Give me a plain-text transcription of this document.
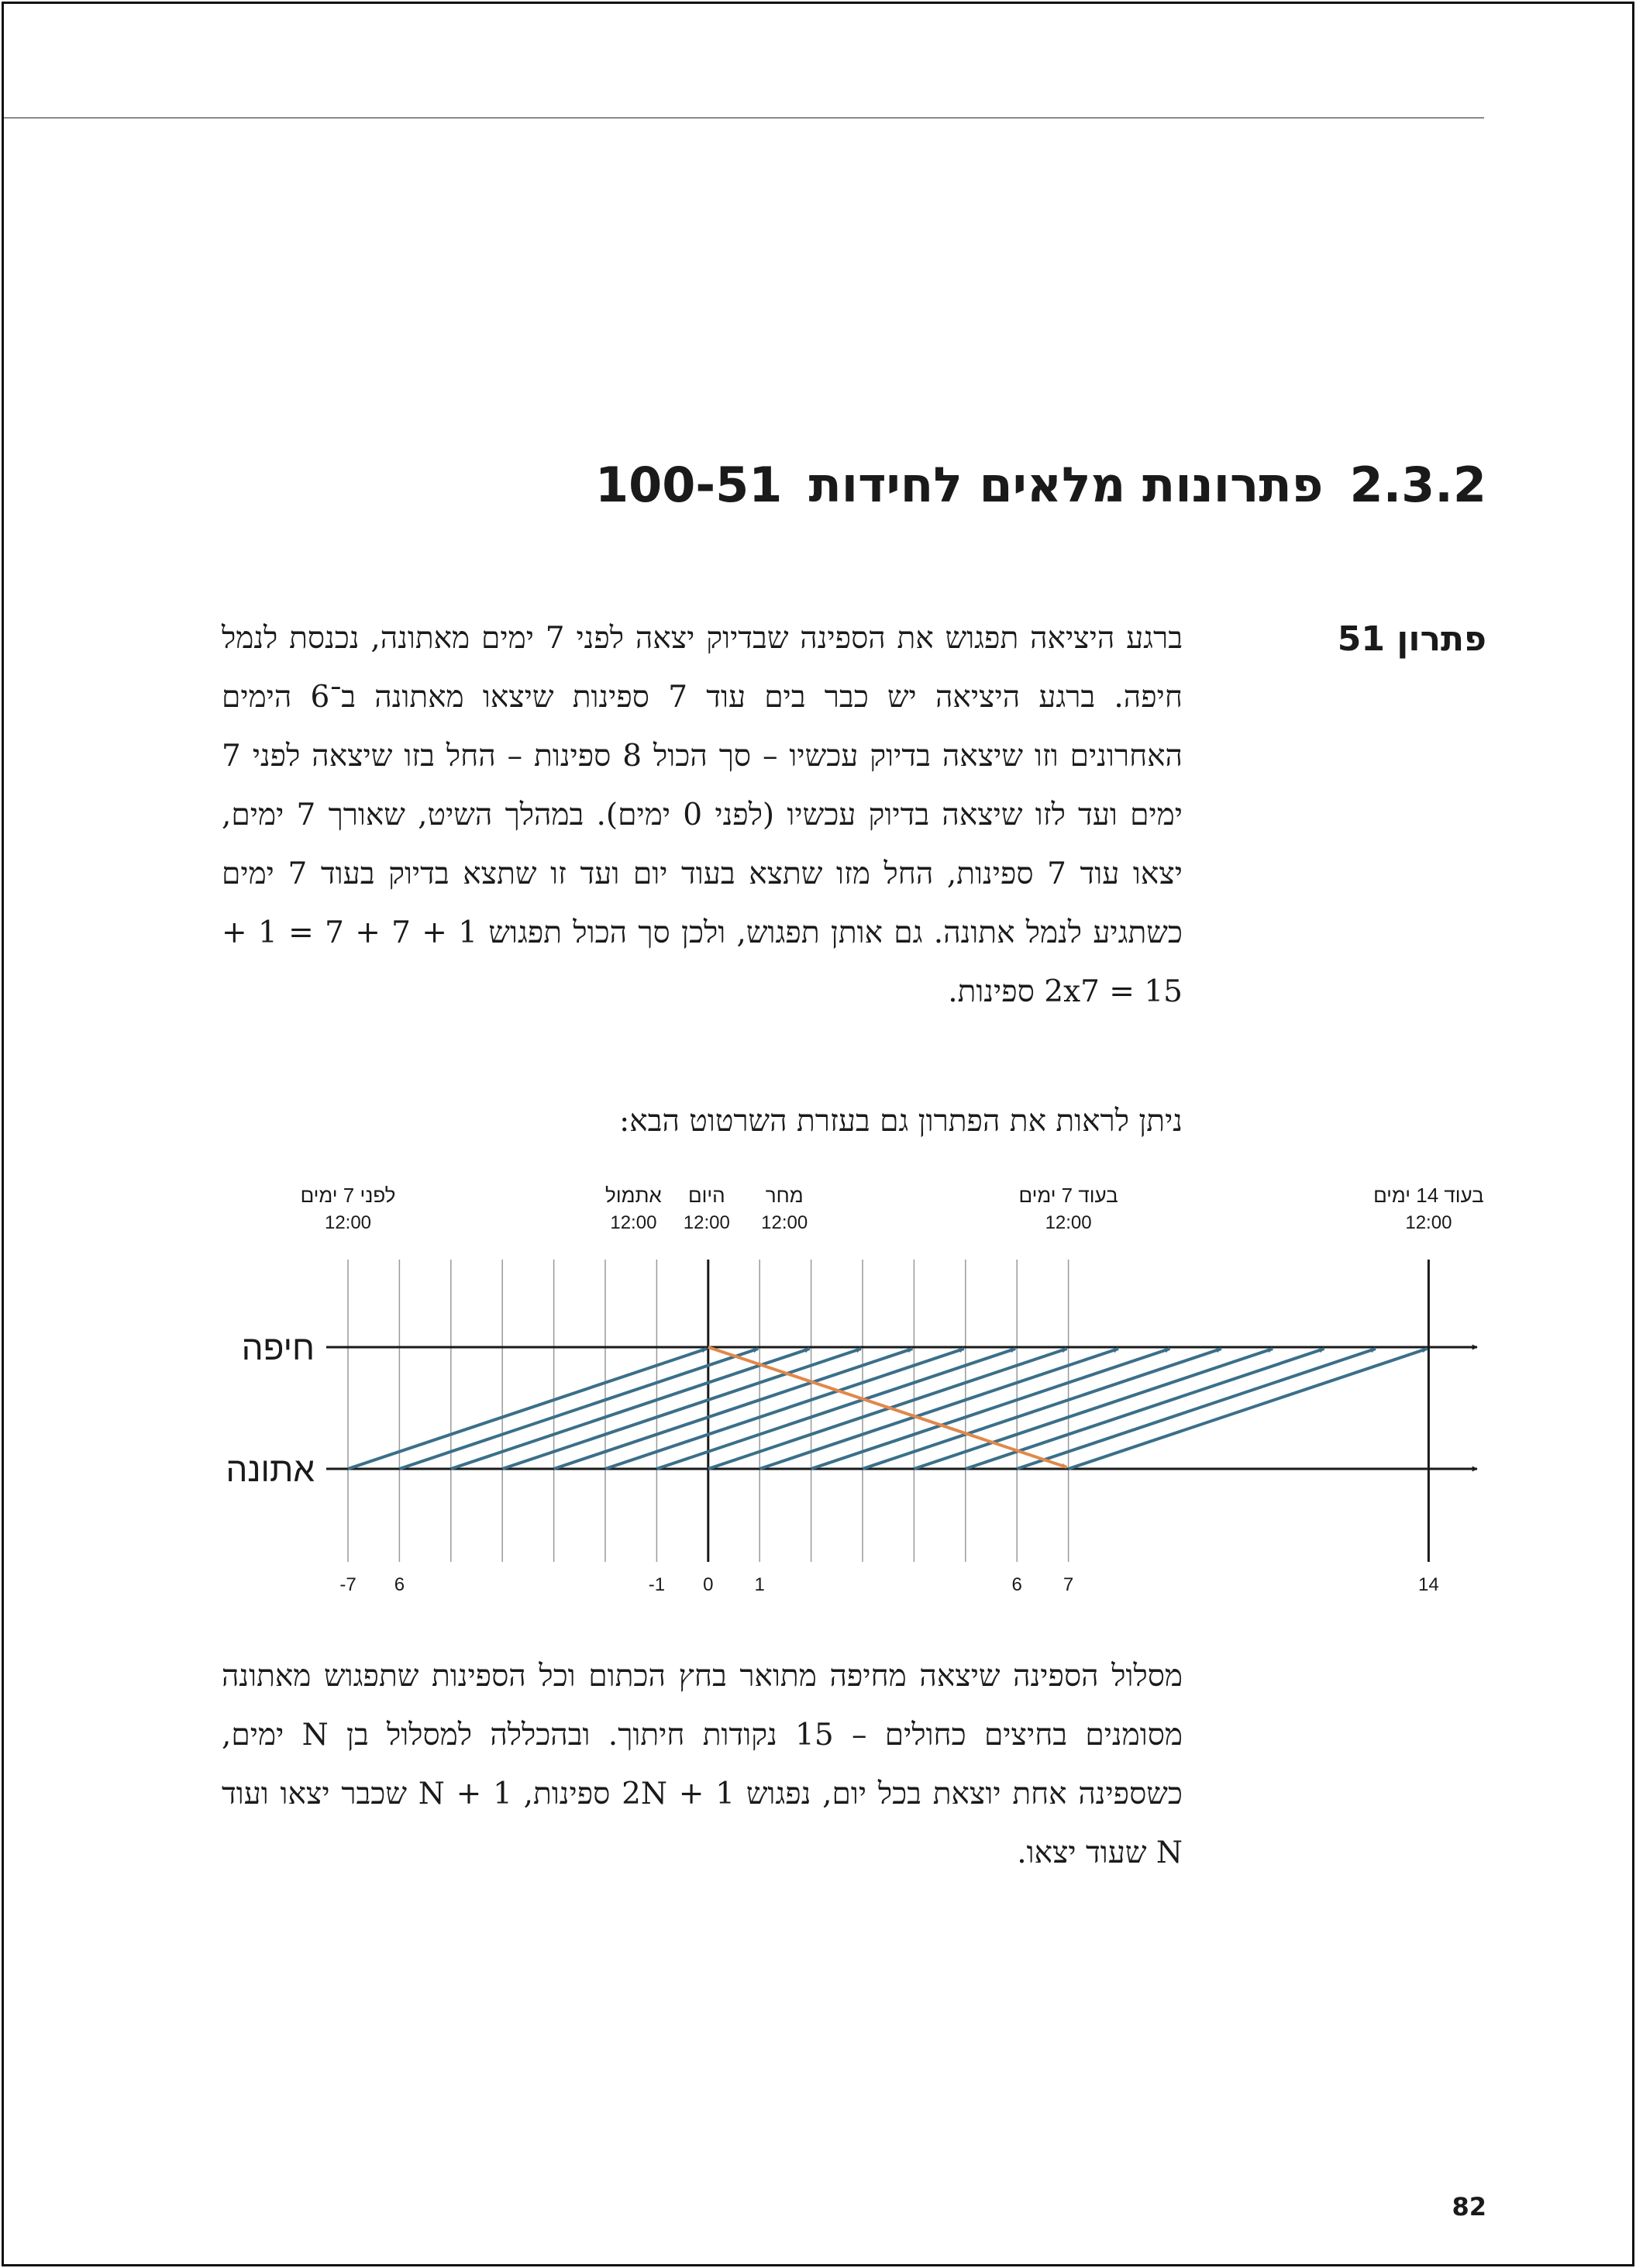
2.3.2פתרונות מלאים לחידות100-51
פתרון 51
ברגע היציאה תפגוש את הספינה שבדיוק יצאה לפני 7 ימים מאתונה, נכנסת לנמל חיפה. ברגע היציאה יש כבר בים עוד 7 ספינות שיצאו מאתונה ב־6 הימים האחרונים וזו שיצאה בדיוק עכשיו – סך הכול 8 ספינות – החל בזו שיצאה לפני 7 ימים ועד לזו שיצאה בדיוק עכשיו (לפני 0 ימים). במהלך השיט, שאורך 7 ימים, יצאו עוד 7 ספינות, החל מזו שתצא בעוד יום ועד זו שתצא בדיוק בעוד 7 ימים כשתגיע לנמל אתונה. גם אותן תפגוש, ולכן סך הכול תפגוש 1 + 7 + 7 = 1 + 2x7 = 15 ספינות.
ניתן לראות את הפתרון גם בעזרת השרטוט הבא:
חיפה
אתונה
לפני 7 ימים
12:00
אתמול
12:00
היום
12:00
מחר
12:00
בעוד 7 ימים
12:00
בעוד 14 ימים
12:00
-7 6	-1 0 1	6 7	14
מסלול הספינה שיצאה מחיפה מתואר בחץ הכתום וכל הספינות שתפגוש מאתונה מסומנים בחיצים כחולים – 15 נקודות חיתוך. ובהכללה למסלול בן N ימים, כשספינה אחת יוצאת בכל יום, נפגוש 2N + 1 ספינות, N + 1 שכבר יצאו ועוד N שעוד יצאו.
82
